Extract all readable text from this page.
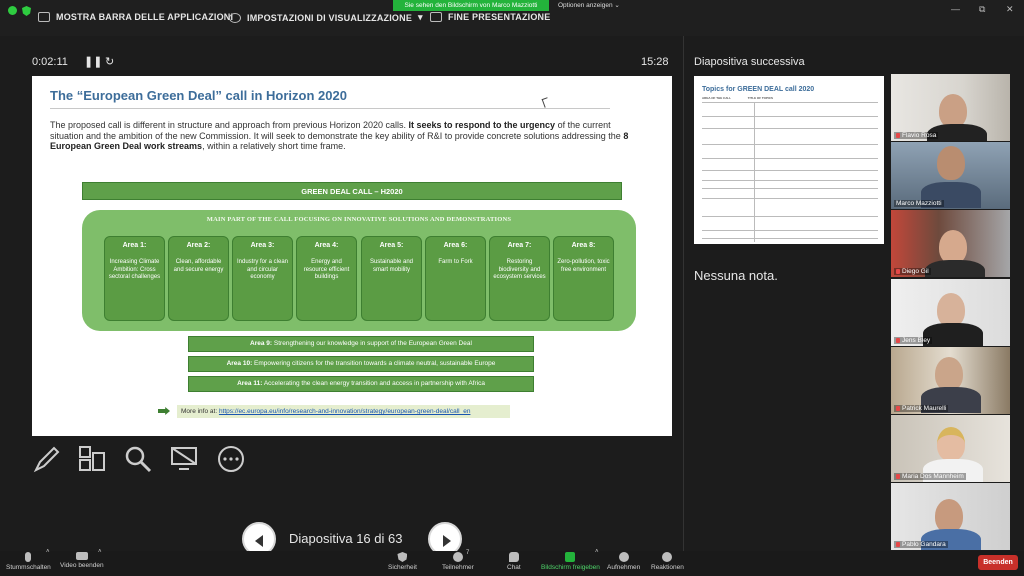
Sie sehen den Bildschirm von Marco Mazziotti	Optionen anzeigen ⌄
MOSTRA BARRA DELLE APPLICAZIONI IMPOSTAZIONI DI VISUALIZZAZIONE ▾	FINE PRESENTAZIONE
— ⧉ ✕
0:02:11 ❚❚ ↻	15:28
The “European Green Deal” call in Horizon 2020
The proposed call is different in structure and approach from previous Horizon 2020 calls. It seeks to respond to the urgency of the current situation and the ambition of the new Commission. It will seek to demonstrate the key ability of R&I to provide concrete solutions addressing the 8 European Green Deal work streams, within a relatively short time frame.
GREEN DEAL CALL – H2020
MAIN PART OF THE CALL FOCUSING ON INNOVATIVE SOLUTIONS AND DEMONSTRATIONS
Area 1:
Increasing Climate Ambition: Cross sectoral challenges
Area 2:
Clean, affordable and secure energy
Area 3:
Industry for a clean and circular economy
Area 4:
Energy and resource efficient buildings
Area 5:
Sustainable and smart mobility
Area 6:
Farm to Fork
Area 7:
Restoring biodiversity and ecosystem services
Area 8:
Zero-pollution, toxic free environment
Area 9: Strengthening our knowledge in support of the European Green Deal
Area 10: Empowering citizens for the transition towards a climate neutral, sustainable Europe
Area 11: Accelerating the clean energy transition and access in partnership with Africa
More info at: https://ec.europa.eu/info/research-and-innovation/strategy/european-green-deal/call_en
Diapositiva 16 di 63
Diapositiva successiva
Topics for GREEN DEAL call 2020
AREA OF THE CALL	TITLE OF TOPICS
Nessuna nota.
Flavio Rosa
Marco Mazziotti
Diego Gil
Jens Bley
Patrick Maurelli
Maria Dos Mannheim
Pablo Gandara
Stummschalten
˄
Video beenden
˄
Sicherheit	Teilnehmer
7
Chat	Bildschirm freigeben
˄
Aufnehmen Reaktionen
Beenden
